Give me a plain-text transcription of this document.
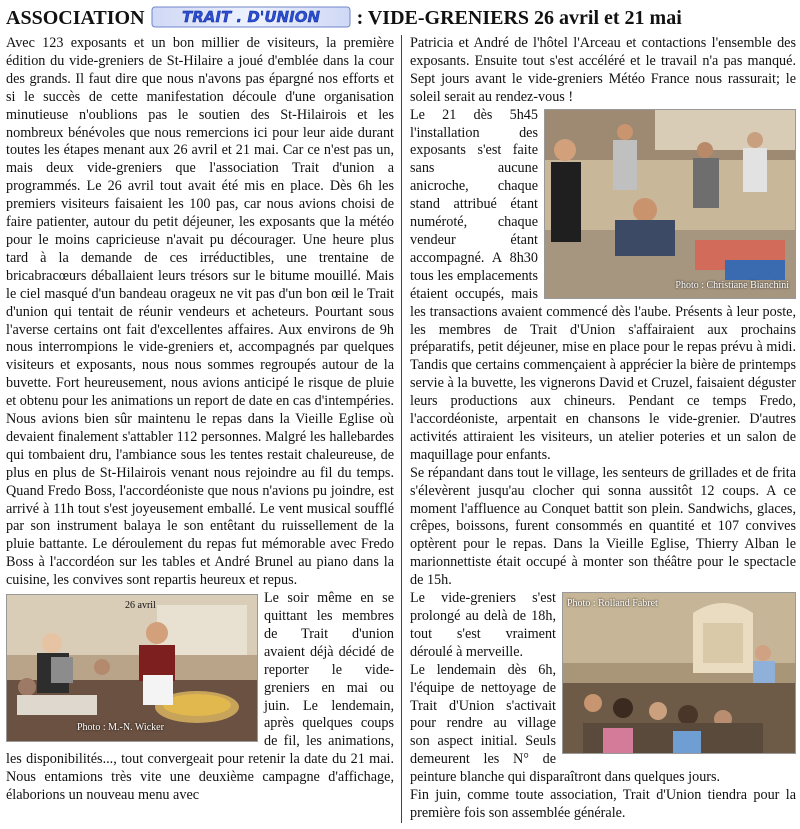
ASSOCIATION TRAIT . D'UNION : VIDE-GRENIERS 26 avril et 21 mai

Avec 123 exposants et un bon millier de visiteurs, la première édition du vide-greniers de St-Hilaire a joué d'emblée dans la cour des grands. Il faut dire que nous n'avons pas épargné nos efforts et si le succès de cette manifestation découle d'une organisation minutieuse n'oublions pas le soutien des St-Hilairois et les nombreux bénévoles que nous remercions ici pour leur aide durant toutes les étapes menant aux 26 avril et 21 mai. Car ce n'est pas un, mais deux vide-greniers que l'association Trait d'union a programmés. Le 26 avril tout avait été mis en place. Dès 6h les premiers visiteurs faisaient les 100 pas, car nous avions choisi de faire patienter, autour du petit déjeuner, les exposants que la météo pour le moins capricieuse n'avait pu décourager. Une heure plus tard à la demande de ces irréductibles, une trentaine de bricabracœurs déballaient leurs trésors sur le bitume mouillé. Mais le ciel masqué d'un bandeau orageux ne vit pas d'un bon œil le Trait d'union qui tentait de réunir vendeurs et acheteurs. Pourtant sous l'averse certains ont fait d'excellentes affaires. Aux environs de 9h nous interrompions le vide-greniers et, accompagnés par quelques visiteurs et exposants, nous nous sommes regroupés autour de la buvette. Fort heureusement, nous avions anticipé le risque de pluie et obtenu pour les animations un report de date en cas d'intempéries. Nous avions bien sûr maintenu le repas dans la Vieille Eglise où devaient finalement s'attabler 112 personnes. Malgré les hallebardes qui tombaient dru, l'ambiance sous les tentes restait chaleureuse, de plus en plus de St-Hilairois venant nous rejoindre au fil du temps. Quand Fredo Boss, l'accordéoniste que nous n'avions pu joindre, est arrivé à 11h tout s'est joyeusement emballé. Le vent musical soufflé par son instrument balaya le son entêtant du ruissellement de la pluie battante. Le déroulement du repas fut mémorable avec Fredo Boss à l'accordéon sur les tables et André Brunel au piano dans la cuisine, les convives sont repartis heureux et repus.

26 avril
Photo : M.-N. Wicker

Le soir même en se quittant les membres de Trait d'union avaient déjà décidé de reporter le vide-greniers en mai ou juin. Le lendemain, après quelques coups de fil, les animations, les disponibilités..., tout convergeait pour retenir la date du 21 mai. Nous entamions très vite une deuxième campagne d'affichage, élaborions un nouveau menu avec

Patricia et André de l'hôtel l'Arceau et contactions l'ensemble des exposants. Ensuite tout s'est accéléré et le travail n'a pas manqué. Sept jours avant le vide-greniers Météo France nous rassurait; le soleil serait au rendez-vous !

Photo : Christiane Bianchini

Le 21 dès 5h45 l'installation des exposants s'est faite sans aucune anicroche, chaque stand attribué étant numéroté, chaque vendeur étant accompagné. A 8h30 tous les emplacements étaient occupés, mais les transactions avaient commencé dès l'aube. Présents à leur poste, les membres de Trait d'Union s'affairaient aux prochains préparatifs, petit déjeuner, mise en place pour le repas prévu à midi. Tandis que certains commençaient à apprécier la bière de printemps servie à la buvette, les vignerons David et Cruzel, faisaient déguster leurs productions aux chineurs. Pendant ce temps Fredo, l'accordéoniste, arpentait en chansons le vide-grenier. D'autres activités attiraient les visiteurs, un atelier poteries et un salon de maquillage pour enfants.

Se répandant dans tout le village, les senteurs de grillades et de frita s'élevèrent jusqu'au clocher qui sonna aussitôt 12 coups. A ce moment l'affluence au Conquet battit son plein. Sandwichs, glaces, crêpes, boissons, furent consommés en quantité et 107 convives optèrent pour le repas. Dans la Vieille Eglise, Thierry Alban le marionnettiste était occupé à monter son théâtre pour le spectacle de 15h.

Photo : Rolland Fabret

Le vide-greniers s'est prolongé au delà de 18h, tout s'est vraiment déroulé à merveille.

Le lendemain dès 6h, l'équipe de nettoyage de Trait d'Union s'activait pour rendre au village son aspect initial. Seuls demeurent les N° de peinture blanche qui disparaîtront dans quelques jours.

Fin juin, comme toute association, Trait d'Union tiendra pour la première fois son assemblée générale.
